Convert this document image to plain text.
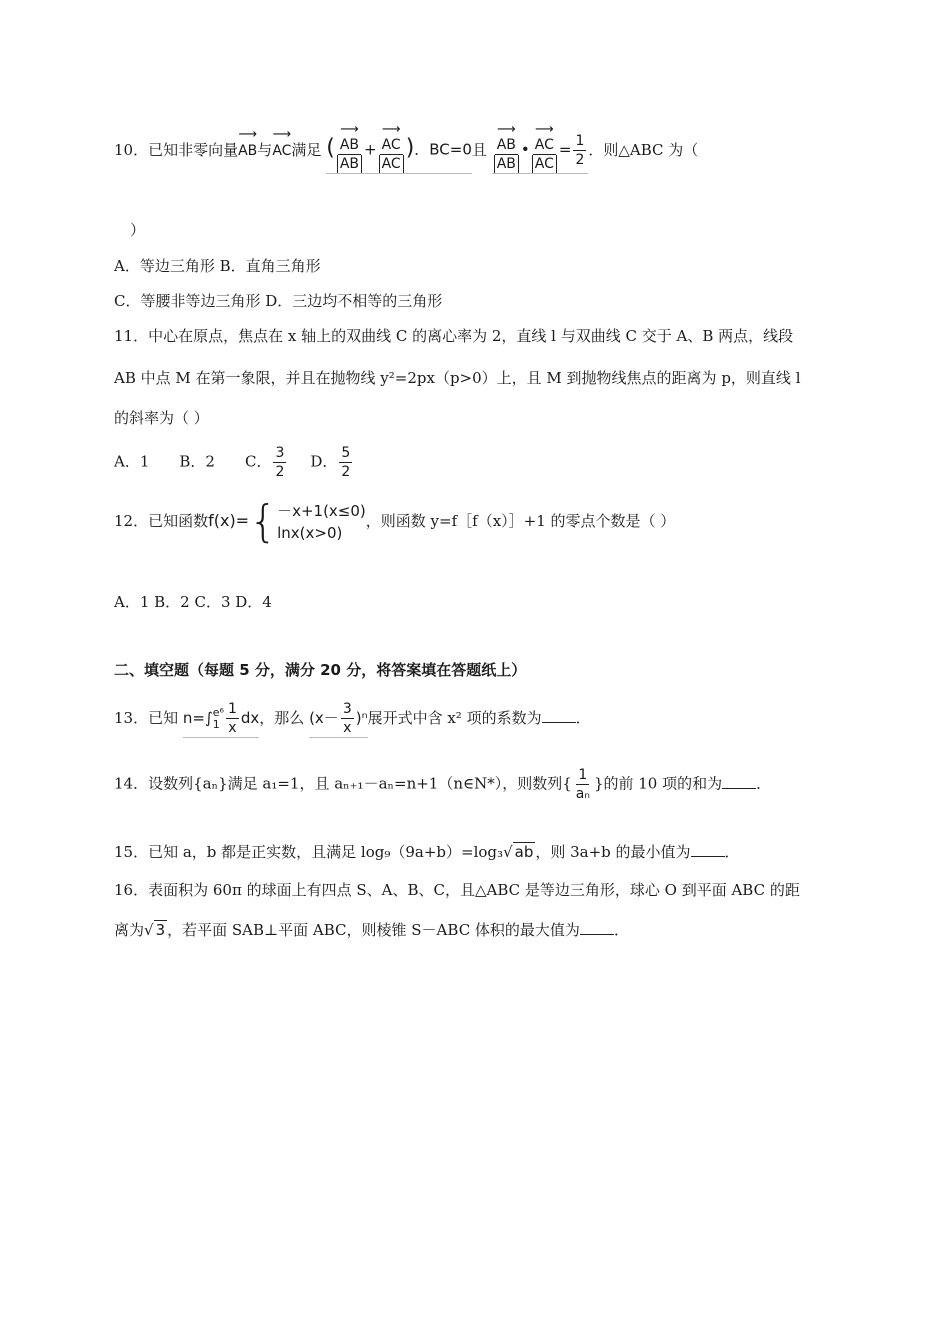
10．已知非零向量⟶ AB与⟶ AC满足 ( ⟶ $\frac{AB}{AB}$ + ⟶ $\frac{AC}{AC}$ )．BC=0且 ⟶ $\frac{AB}{AB}$ • ⟶ $\frac{AC}{AC} = \frac{1}{2}$ ．则△ABC 为（
）
A．等边三角形 B．直角三角形
C．等腰非等边三角形 D．三边均不相等的三角形
11．中心在原点，焦点在 x 轴上的双曲线 C 的离心率为 2，直线 l 与双曲线 C 交于 A、B 两点，线段
AB 中点 M 在第一象限，并且在抛物线 y²=2px（p>0）上，且 M 到抛物线焦点的距离为 p，则直线 l
的斜率为（ ）
A．1 B．2 C． $\frac{3}{2}$ D． $\frac{5}{2}$
12．已知函数f(x)={ －x+1(x≤0)
lnx(x>0)
，则函数 y=f［f（x）］+1 的零点个数是（ ）
A．1 B．2 C．3 D．4
二、填空题（每题 5 分，满分 20 分，将答案填在答题纸上）
13．已知 n=∫ e⁶
$1 \frac{1}{x}$ dx，那么 $(x- \frac{3}{x} )^n$展开式中含 x² 项的系数为 ．
14．设数列{aₙ}满足 a₁=1，且 aₙ₊₁－aₙ=n+1（n∈N*），则数列{ $\frac{1}{\text{aₙ}}$ }的前 10 项的和为 ．
15．已知 a，b 都是正实数，且满足 log₉（9a+b）=log₃√ ab ，则 3a+b 的最小值为 ．
16．表面积为 60π 的球面上有四点 S、A、B、C，且△ABC 是等边三角形，球心 O 到平面 ABC 的距
离为√ 3 ，若平面 SAB⊥平面 ABC，则棱锥 S－ABC 体积的最大值为 ．
